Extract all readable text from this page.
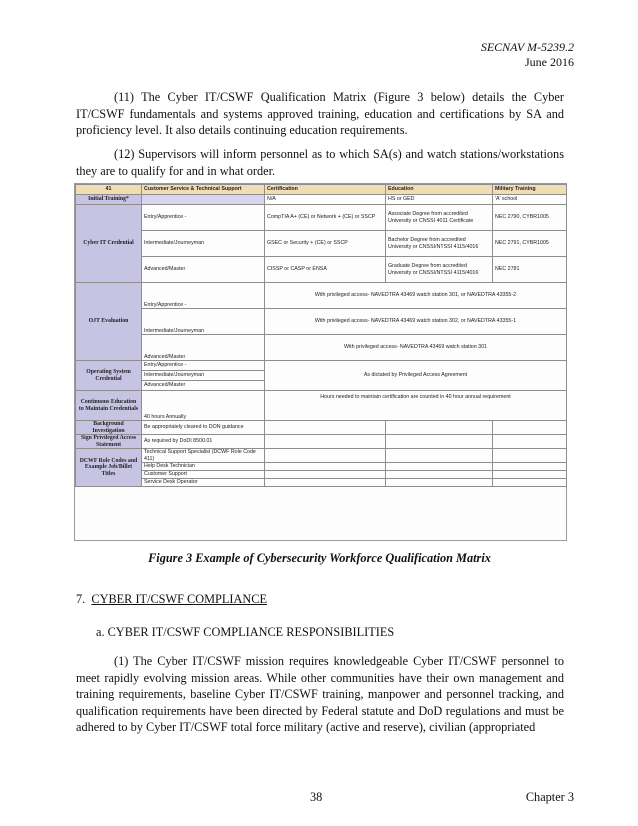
SECNAV M-5239.2
June 2016
(11) The Cyber IT/CSWF Qualification Matrix (Figure 3 below) details the Cyber IT/CSWF fundamentals and systems approved training, education and certifications by SA and proficiency level. It also details continuing education requirements.
(12) Supervisors will inform personnel as to which SA(s) and watch stations/workstations they are to qualify for and in what order.
41	Customer Service & Technical Support	Certification	Education	Military Training
Initial Training*		N/A	HS or GED	'A' school
Cyber IT Credential	Entry/Apprentice -	CompTIA A+ (CE) or Network + (CE) or SSCP	Associate Degree from accredited University or CNSSI 4011 Certificate	NEC 2790, CYBR1005
	Intermediate/Journeyman	GSEC or Security + (CE) or SSCP	Bachelor Degree from accredited University or CNSSI/NTSSI 4115/4016	NEC 2791, CYBR1005
	Advanced/Master	CISSP or CASP or ENSA	Graduate Degree from accredited University or CNSSI/NTSSI 4115/4016	NEC 2781
OJT Evaluation	Entry/Apprentice -	With privileged access- NAVEDTRA 43469 watch station 301, or NAVEDTRA 43355-2		
	Intermediate/Journeyman	With privileged access- NAVEDTRA 43469 watch station 302, or NAVEDTRA 43355-1		
	Advanced/Master	With privileged access- NAVEDTRA 43469 watch station 301		
Operating System Credential	Entry/Apprentice -	As dictated by Privileged Access Agreement		
	Intermediate/Journeyman			
	Advanced/Master			
Continuous Education to Maintain Credentials	40 hours Annually	Hours needed to maintain certification are counted in 40 hour annual requirement		
Background Investigation	Be appropriately cleared to DON guidance			
Sign Privileged Access Statement	As required by DoDI 8500.01			
DCWF Role Codes and Example Job/Billet Titles	Technical Support Specialist (DCWF Role Code 411)			
	Help Desk Technician			
	Customer Support			
	Service Desk Operator			
Figure 3 Example of Cybersecurity Workforce Qualification Matrix
7. CYBER IT/CSWF COMPLIANCE
a. CYBER IT/CSWF COMPLIANCE RESPONSIBILITIES
(1) The Cyber IT/CSWF mission requires knowledgeable Cyber IT/CSWF personnel to meet rapidly evolving mission areas. While other communities have their own management and training requirements, baseline Cyber IT/CSWF training, manpower and personnel tracking, and qualification requirements have been directed by Federal statute and DoD regulations and must be adhered to by Cyber IT/CSWF total force military (active and reserve), civilian (appropriated
38	Chapter 3
